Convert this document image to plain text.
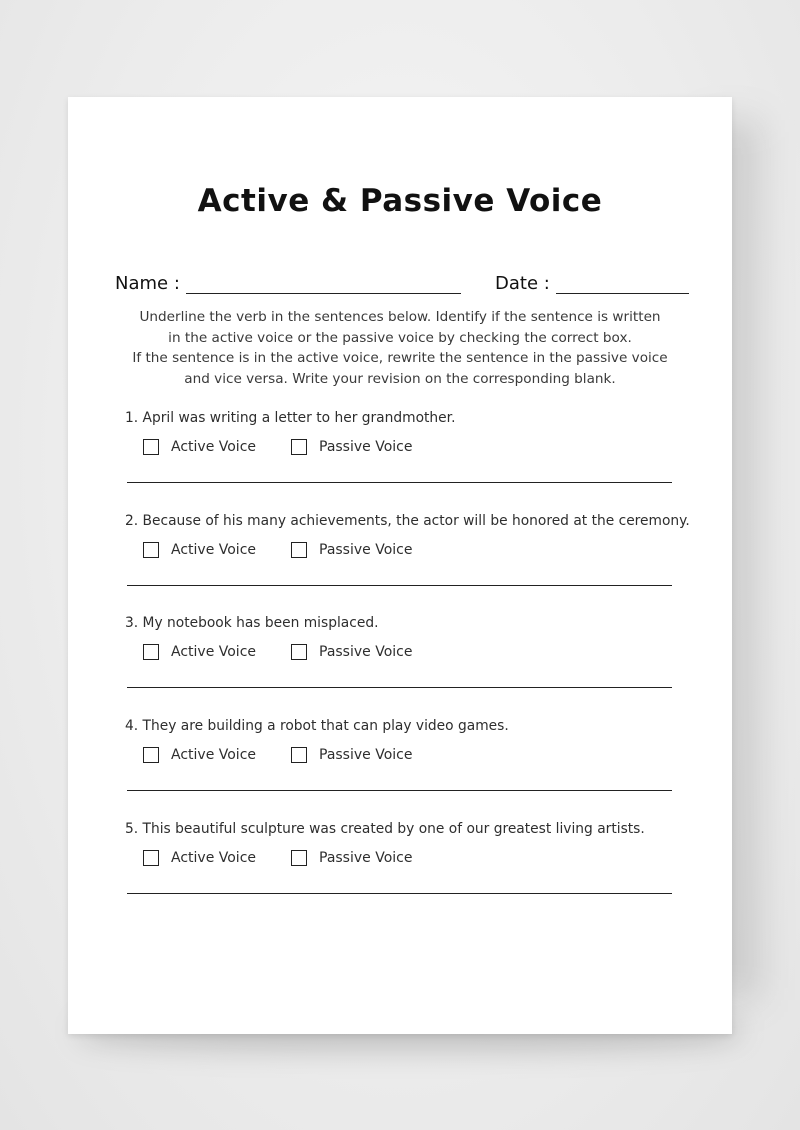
Active & Passive Voice
Name :	Date :

Underline the verb in the sentences below. Identify if the sentence is written
in the active voice or the passive voice by checking the correct box.
If the sentence is in the active voice, rewrite the sentence in the passive voice
and vice versa. Write your revision on the corresponding blank.

1. April was writing a letter to her grandmother.
Active Voice	Passive Voice
2. Because of his many achievements, the actor will be honored at the ceremony.
Active Voice	Passive Voice
3. My notebook has been misplaced.
Active Voice	Passive Voice
4. They are building a robot that can play video games.
Active Voice	Passive Voice
5. This beautiful sculpture was created by one of our greatest living artists.
Active Voice	Passive Voice
